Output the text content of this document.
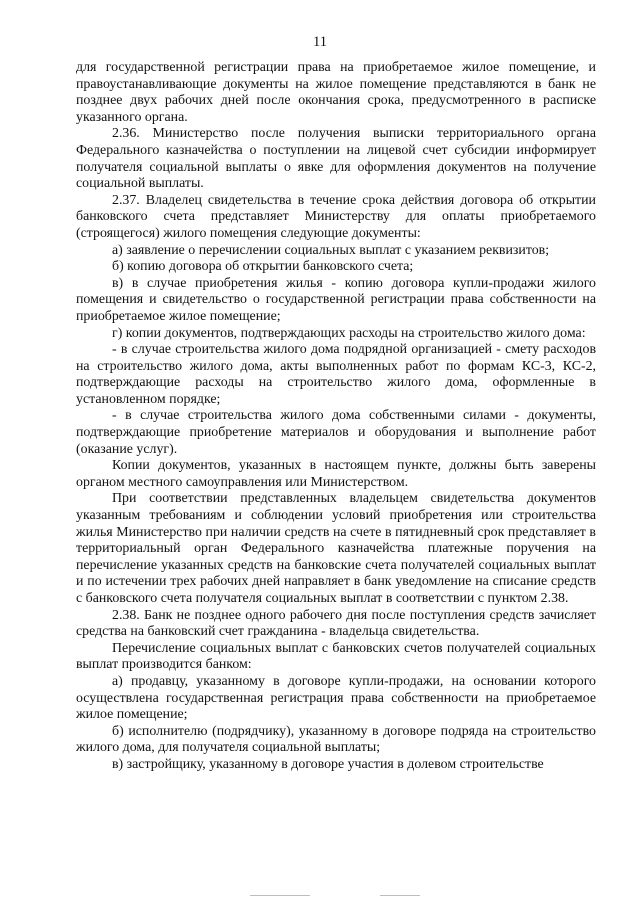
11

для государственной регистрации права на приобретаемое жилое помещение, и правоустанавливающие документы на жилое помещение представляются в банк не позднее двух рабочих дней после окончания срока, предусмотренного в расписке указанного органа.

2.36. Министерство после получения выписки территориального органа Федерального казначейства о поступлении на лицевой счет субсидии информирует получателя социальной выплаты о явке для оформления документов на получение социальной выплаты.

2.37. Владелец свидетельства в течение срока действия договора об открытии банковского счета представляет Министерству для оплаты приобретаемого (строящегося) жилого помещения следующие документы:

а) заявление о перечислении социальных выплат с указанием реквизитов;

б) копию договора об открытии банковского счета;

в) в случае приобретения жилья - копию договора купли-продажи жилого помещения и свидетельство о государственной регистрации права собственности на приобретаемое жилое помещение;

г) копии документов, подтверждающих расходы на строительство жилого дома:

- в случае строительства жилого дома подрядной организацией - смету расходов на строительство жилого дома, акты выполненных работ по формам КС-3, КС-2, подтверждающие расходы на строительство жилого дома, оформленные в установленном порядке;

- в случае строительства жилого дома собственными силами - документы, подтверждающие приобретение материалов и оборудования и выполнение работ (оказание услуг).

Копии документов, указанных в настоящем пункте, должны быть заверены органом местного самоуправления или Министерством.

При соответствии представленных владельцем свидетельства документов указанным требованиям и соблюдении условий приобретения или строительства жилья Министерство при наличии средств на счете в пятидневный срок представляет в территориальный орган Федерального казначейства платежные поручения на перечисление указанных средств на банковские счета получателей социальных выплат и по истечении трех рабочих дней направляет в банк уведомление на списание средств с банковского счета получателя социальных выплат в соответствии с пунктом 2.38.

2.38. Банк не позднее одного рабочего дня после поступления средств зачисляет средства на банковский счет гражданина - владельца свидетельства.

Перечисление социальных выплат с банковских счетов получателей социальных выплат производится банком:

а) продавцу, указанному в договоре купли-продажи, на основании которого осуществлена государственная регистрация права собственности на приобретаемое жилое помещение;

б) исполнителю (подрядчику), указанному в договоре подряда на строительство жилого дома, для получателя социальной выплаты;

в) застройщику, указанному в договоре участия в долевом строительстве
